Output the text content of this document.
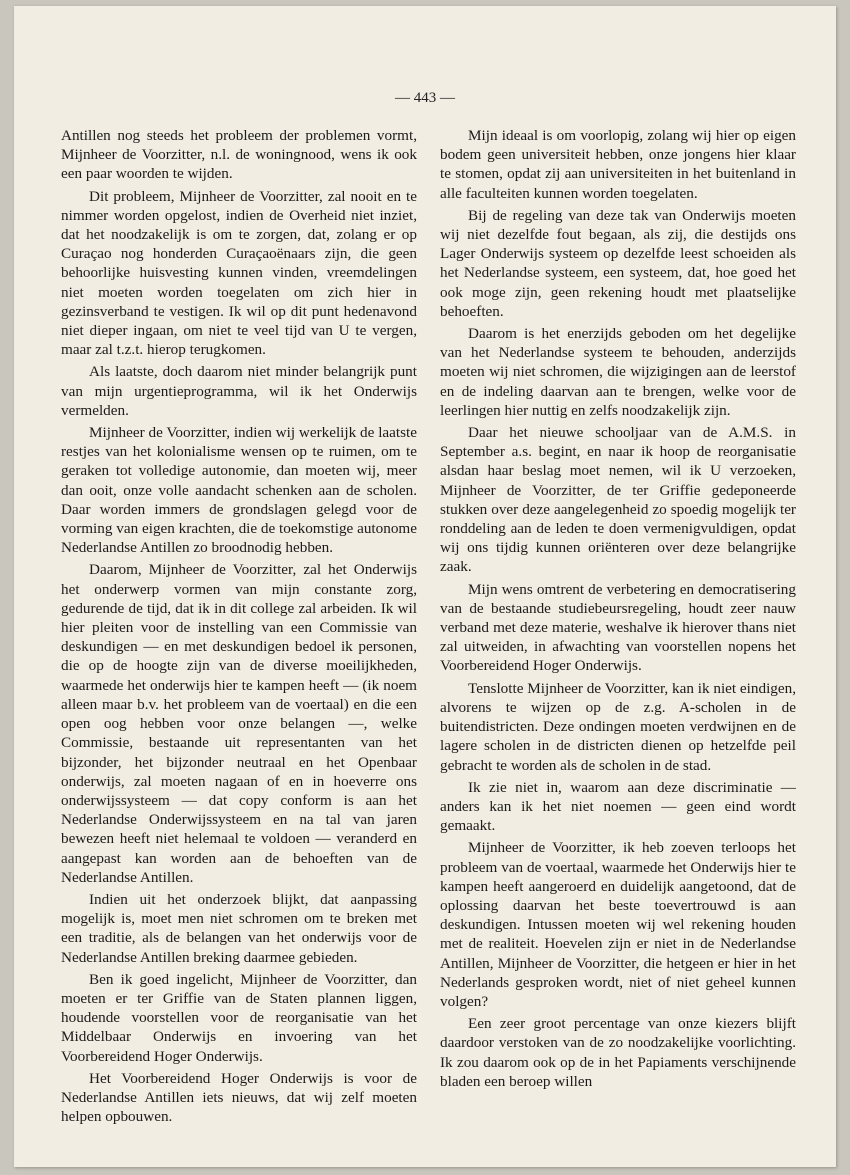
— 443 —

Antillen nog steeds het probleem der problemen vormt, Mijnheer de Voorzitter, n.l. de woningnood, wens ik ook een paar woorden te wijden.

Dit probleem, Mijnheer de Voorzitter, zal nooit en te nimmer worden opgelost, indien de Overheid niet inziet, dat het noodzakelijk is om te zorgen, dat, zolang er op Curaçao nog honderden Curaçaoënaars zijn, die geen behoorlijke huisvesting kunnen vinden, vreemdelingen niet moeten worden toegelaten om zich hier in gezinsverband te vestigen. Ik wil op dit punt hedenavond niet dieper ingaan, om niet te veel tijd van U te vergen, maar zal t.z.t. hierop terugkomen.

Als laatste, doch daarom niet minder belangrijk punt van mijn urgentieprogramma, wil ik het Onderwijs vermelden.

Mijnheer de Voorzitter, indien wij werkelijk de laatste restjes van het kolonialisme wensen op te ruimen, om te geraken tot volledige autonomie, dan moeten wij, meer dan ooit, onze volle aandacht schenken aan de scholen. Daar worden immers de grondslagen gelegd voor de vorming van eigen krachten, die de toekomstige autonome Nederlandse Antillen zo broodnodig hebben.

Daarom, Mijnheer de Voorzitter, zal het Onderwijs het onderwerp vormen van mijn constante zorg, gedurende de tijd, dat ik in dit college zal arbeiden. Ik wil hier pleiten voor de instelling van een Commissie van deskundigen — en met deskundigen bedoel ik personen, die op de hoogte zijn van de diverse moeilijkheden, waarmede het onderwijs hier te kampen heeft — (ik noem alleen maar b.v. het probleem van de voertaal) en die een open oog hebben voor onze belangen —, welke Commissie, bestaande uit representanten van het bijzonder, het bijzonder neutraal en het Openbaar onderwijs, zal moeten nagaan of en in hoeverre ons onderwijssysteem — dat copy conform is aan het Nederlandse Onderwijssysteem en na tal van jaren bewezen heeft niet helemaal te voldoen — veranderd en aangepast kan worden aan de behoeften van de Nederlandse Antillen.

Indien uit het onderzoek blijkt, dat aanpassing mogelijk is, moet men niet schromen om te breken met een traditie, als de belangen van het onderwijs voor de Nederlandse Antillen breking daarmee gebieden.

Ben ik goed ingelicht, Mijnheer de Voorzitter, dan moeten er ter Griffie van de Staten plannen liggen, houdende voorstellen voor de reorganisatie van het Middelbaar Onderwijs en invoering van het Voorbereidend Hoger Onderwijs.

Het Voorbereidend Hoger Onderwijs is voor de Nederlandse Antillen iets nieuws, dat wij zelf moeten helpen opbouwen.

Mijn ideaal is om voorlopig, zolang wij hier op eigen bodem geen universiteit hebben, onze jongens hier klaar te stomen, opdat zij aan universiteiten in het buitenland in alle faculteiten kunnen worden toegelaten.

Bij de regeling van deze tak van Onderwijs moeten wij niet dezelfde fout begaan, als zij, die destijds ons Lager Onderwijs systeem op dezelfde leest schoeiden als het Nederlandse systeem, een systeem, dat, hoe goed het ook moge zijn, geen rekening houdt met plaatselijke behoeften.

Daarom is het enerzijds geboden om het degelijke van het Nederlandse systeem te behouden, anderzijds moeten wij niet schromen, die wijzigingen aan de leerstof en de indeling daarvan aan te brengen, welke voor de leerlingen hier nuttig en zelfs noodzakelijk zijn.

Daar het nieuwe schooljaar van de A.M.S. in September a.s. begint, en naar ik hoop de reorganisatie alsdan haar beslag moet nemen, wil ik U verzoeken, Mijnheer de Voorzitter, de ter Griffie gedeponeerde stukken over deze aangelegenheid zo spoedig mogelijk ter ronddeling aan de leden te doen vermenigvuldigen, opdat wij ons tijdig kunnen oriënteren over deze belangrijke zaak.

Mijn wens omtrent de verbetering en democratisering van de bestaande studiebeursregeling, houdt zeer nauw verband met deze materie, weshalve ik hierover thans niet zal uitweiden, in afwachting van voorstellen nopens het Voorbereidend Hoger Onderwijs.

Tenslotte Mijnheer de Voorzitter, kan ik niet eindigen, alvorens te wijzen op de z.g. A-scholen in de buitendistricten. Deze ondingen moeten verdwijnen en de lagere scholen in de districten dienen op hetzelfde peil gebracht te worden als de scholen in de stad.

Ik zie niet in, waarom aan deze discriminatie — anders kan ik het niet noemen — geen eind wordt gemaakt.

Mijnheer de Voorzitter, ik heb zoeven terloops het probleem van de voertaal, waarmede het Onderwijs hier te kampen heeft aangeroerd en duidelijk aangetoond, dat de oplossing daarvan het beste toevertrouwd is aan deskundigen. Intussen moeten wij wel rekening houden met de realiteit. Hoevelen zijn er niet in de Nederlandse Antillen, Mijnheer de Voorzitter, die hetgeen er hier in het Nederlands gesproken wordt, niet of niet geheel kunnen volgen?

Een zeer groot percentage van onze kiezers blijft daardoor verstoken van de zo noodzakelijke voorlichting. Ik zou daarom ook op de in het Papiaments verschijnende bladen een beroep willen
